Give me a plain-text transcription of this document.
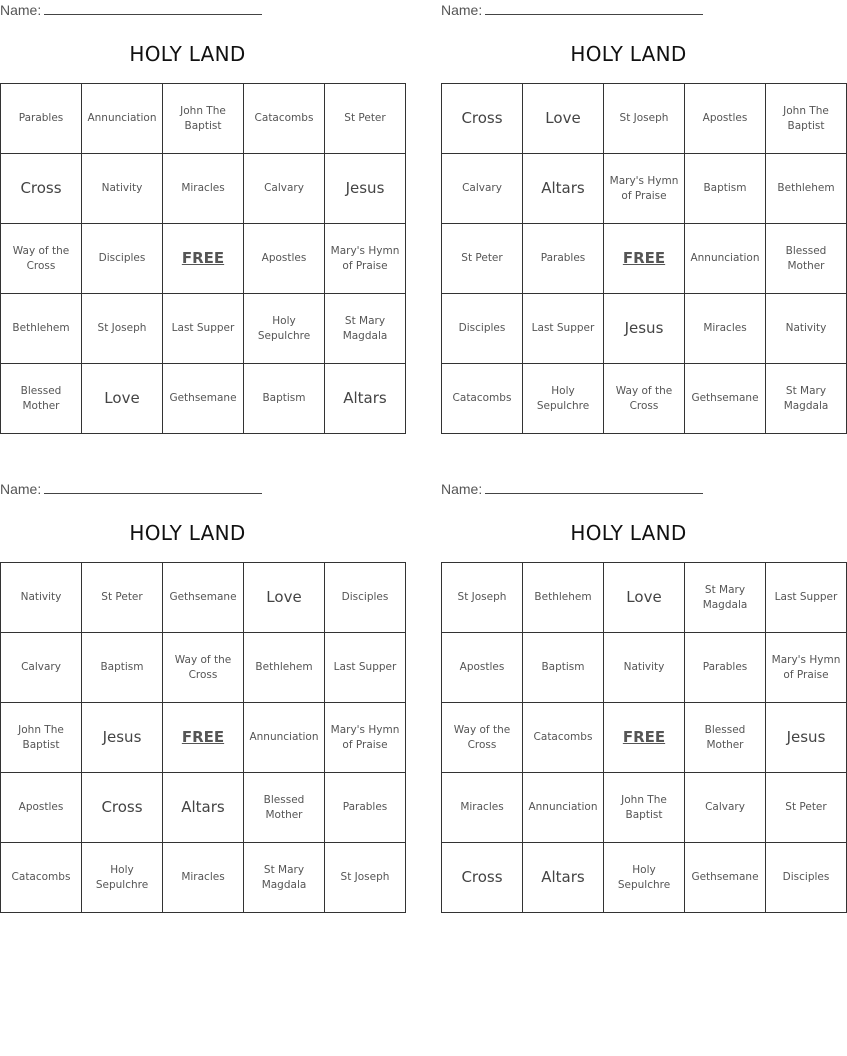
Name:
HOLY LAND
Parables	Annunciation	John The Baptist	Catacombs	St Peter
Cross	Nativity	Miracles	Calvary	Jesus
Way of the Cross	Disciples	FREE	Apostles	Mary's Hymn of Praise
Bethlehem	St Joseph	Last Supper	Holy Sepulchre	St Mary Magdala
Blessed Mother	Love	Gethsemane	Baptism	Altars
Name:
HOLY LAND
Cross	Love	St Joseph	Apostles	John The Baptist
Calvary	Altars	Mary's Hymn of Praise	Baptism	Bethlehem
St Peter	Parables	FREE	Annunciation	Blessed Mother
Disciples	Last Supper	Jesus	Miracles	Nativity
Catacombs	Holy Sepulchre	Way of the Cross	Gethsemane	St Mary Magdala
Name:
HOLY LAND
Nativity	St Peter	Gethsemane	Love	Disciples
Calvary	Baptism	Way of the Cross	Bethlehem	Last Supper
John The Baptist	Jesus	FREE	Annunciation	Mary's Hymn of Praise
Apostles	Cross	Altars	Blessed Mother	Parables
Catacombs	Holy Sepulchre	Miracles	St Mary Magdala	St Joseph
Name:
HOLY LAND
St Joseph	Bethlehem	Love	St Mary Magdala	Last Supper
Apostles	Baptism	Nativity	Parables	Mary's Hymn of Praise
Way of the Cross	Catacombs	FREE	Blessed Mother	Jesus
Miracles	Annunciation	John The Baptist	Calvary	St Peter
Cross	Altars	Holy Sepulchre	Gethsemane	Disciples
